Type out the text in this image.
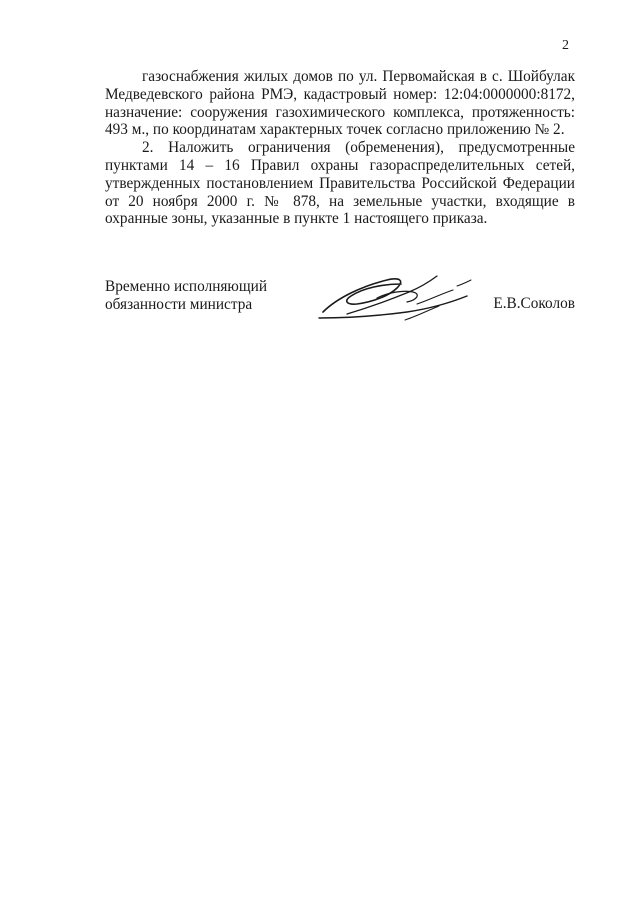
2

газоснабжения жилых домов по ул. Первомайская в с. Шойбулак Медведевского района РМЭ, кадастровый номер: 12:04:0000000:8172, назначение: сооружения газохимического комплекса, протяженность: 493 м., по координатам характерных точек согласно приложению № 2.

2. Наложить ограничения (обременения), предусмотренные пунктами 14 – 16 Правил охраны газораспределительных сетей, утвержденных постановлением Правительства Российской Федерации от 20 ноября 2000 г. № 878, на земельные участки, входящие в охранные зоны, указанные в пункте 1 настоящего приказа.

Временно исполняющий
обязанности министра	Е.В.Соколов
